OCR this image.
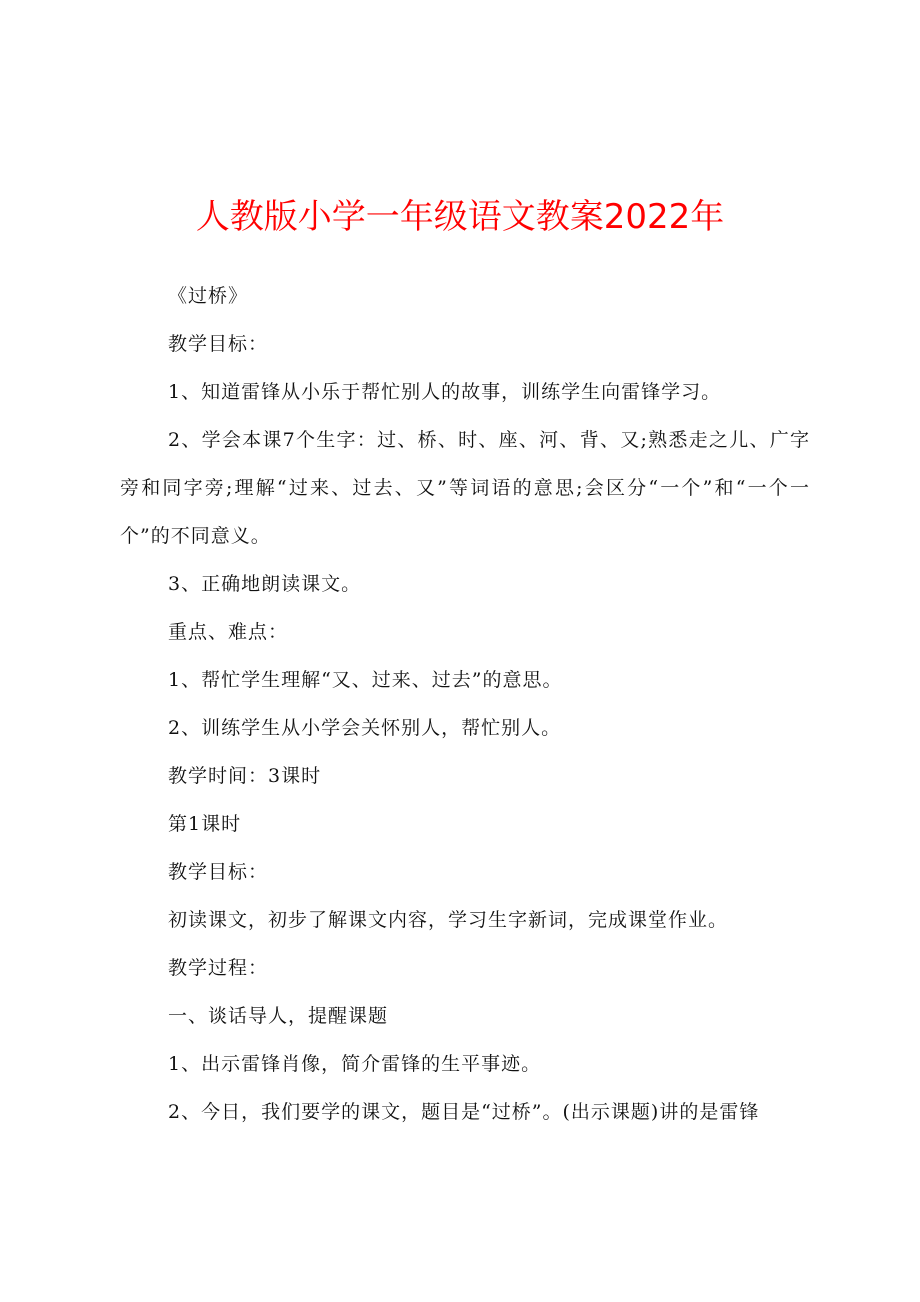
人教版小学一年级语文教案2022年

《过桥》

教学目标：

1、知道雷锋从小乐于帮忙别人的故事，训练学生向雷锋学习。

2、学会本课7个生字：过、桥、时、座、河、背、又;熟悉走之儿、广字旁和同字旁;理解“过来、过去、又”等词语的意思;会区分“一个”和“一个一个”的不同意义。

3、正确地朗读课文。

重点、难点：

1、帮忙学生理解“又、过来、过去”的意思。

2、训练学生从小学会关怀别人，帮忙别人。

教学时间：3课时

第1课时

教学目标：

初读课文，初步了解课文内容，学习生字新词，完成课堂作业。

教学过程：

一、谈话导人，提醒课题

1、出示雷锋肖像，简介雷锋的生平事迹。

2、今日，我们要学的课文，题目是“过桥”。(出示课题)讲的是雷锋
